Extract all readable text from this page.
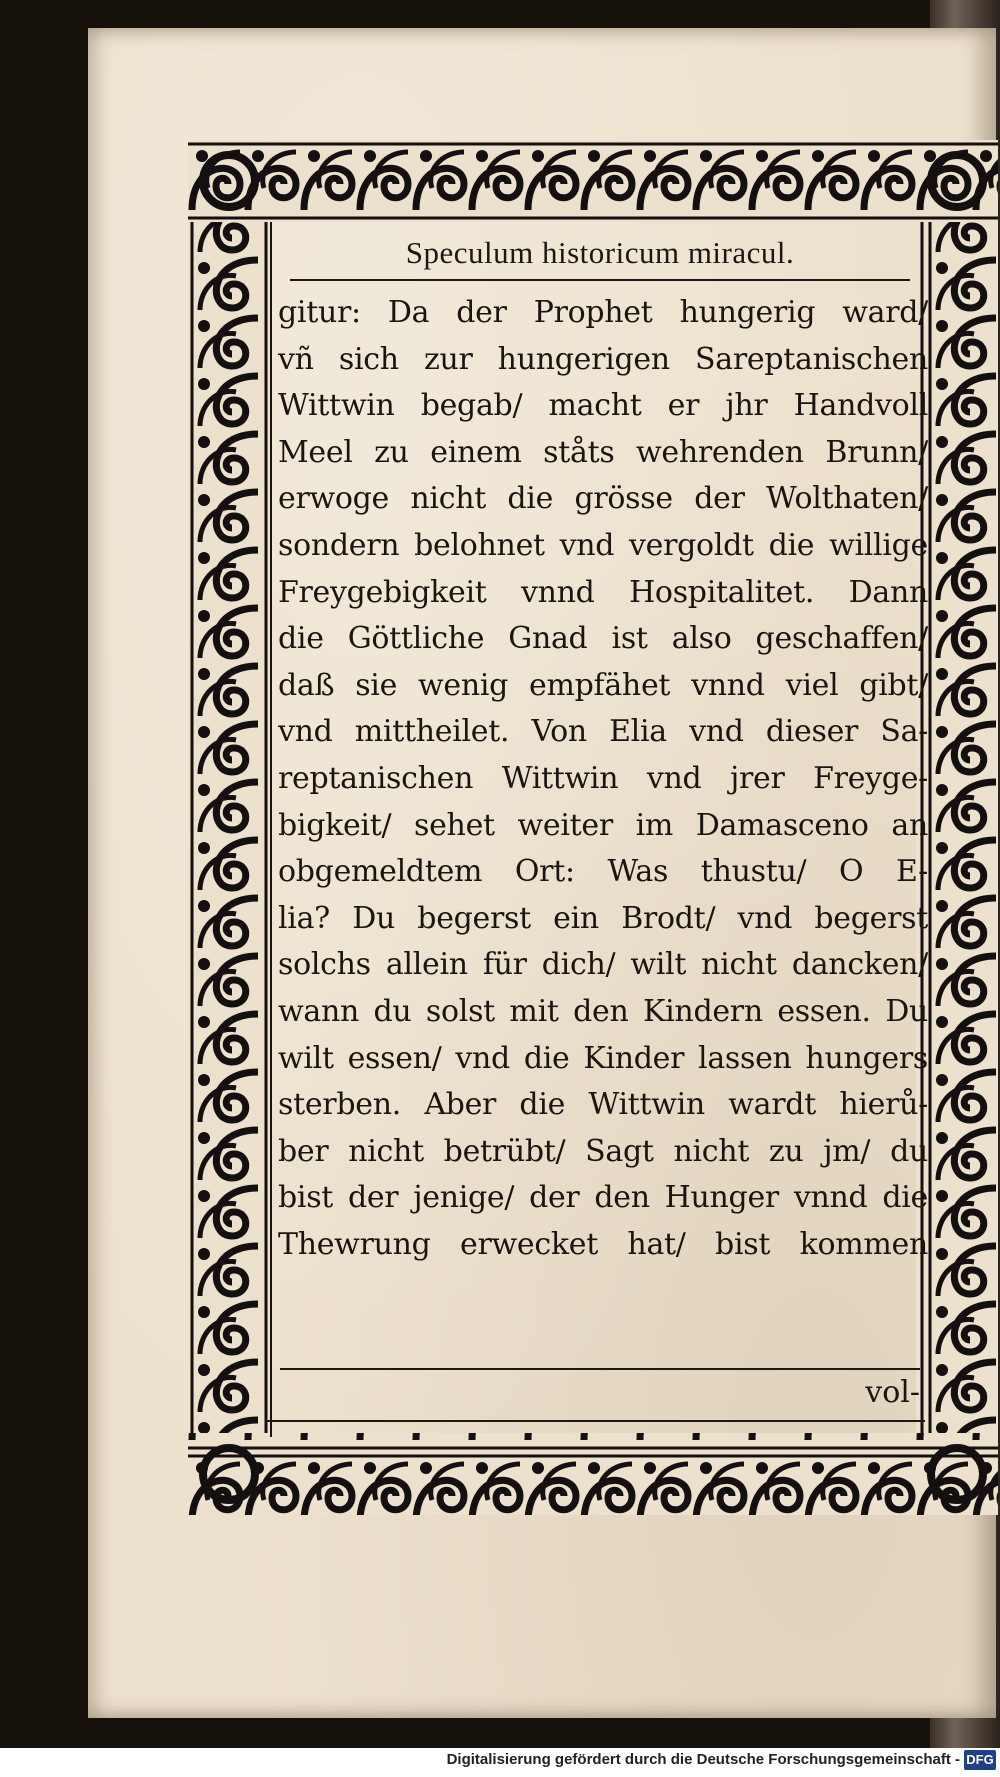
Speculum historicum miracul.
gitur: Da der Prophet hungerig ward/
vñ sich zur hungerigen Sareptanischen
Wittwin begab/ macht er jhr Handvoll
Meel zu einem ståts wehrenden Brunn/
erwoge nicht die grösse der Wolthaten/
sondern belohnet vnd vergoldt die willige
Freygebigkeit vnnd Hospitalitet. Dann
die Göttliche Gnad ist also geschaffen/
daß sie wenig empfähet vnnd viel gibt/
vnd mittheilet. Von Elia vnd dieser Sa-
reptanischen Wittwin vnd jrer Freyge-
bigkeit/ sehet weiter im Damasceno an
obgemeldtem Ort: Was thustu/ O E-
lia? Du begerst ein Brodt/ vnd begerst
solchs allein für dich/ wilt nicht dancken/
wann du solst mit den Kindern essen. Du
wilt essen/ vnd die Kinder lassen hungers
sterben. Aber die Wittwin wardt hierů-
ber nicht betrübt/ Sagt nicht zu jm/ du
bist der jenige/ der den Hunger vnnd die
Thewrung erwecket hat/ bist kommen
vol-
Digitalisierung gefördert durch die Deutsche Forschungsgemeinschaft - DFG
